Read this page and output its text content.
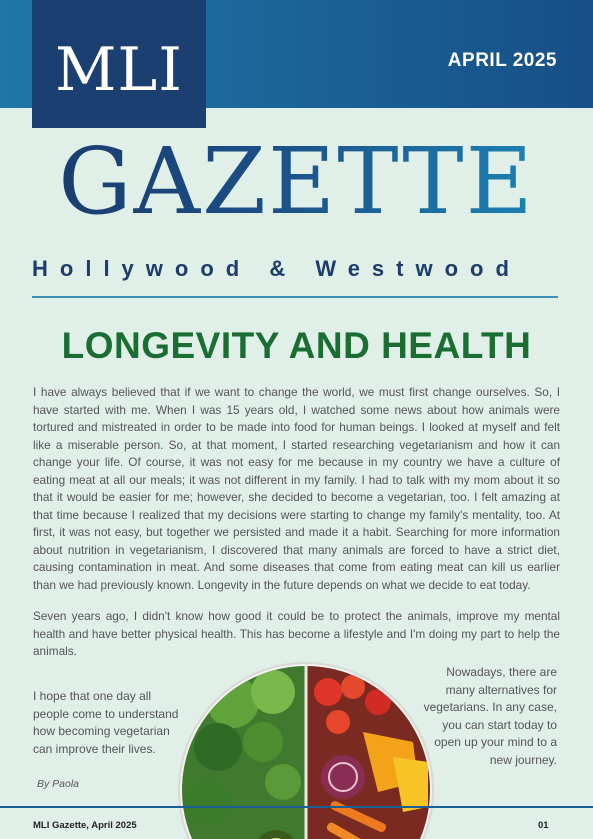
MLI	APRIL 2025
GAZETTE
Hollywood & Westwood
LONGEVITY AND HEALTH

I have always believed that if we want to change the world, we must first change ourselves. So, I have started with me. When I was 15 years old, I watched some news about how animals were tortured and mistreated in order to be made into food for human beings. I looked at myself and felt like a miserable person. So, at that moment, I started researching vegetarianism and how it can change your life. Of course, it was not easy for me because in my country we have a culture of eating meat at all our meals; it was not different in my family. I had to talk with my mom about it so that it would be easier for me; however, she decided to become a vegetarian, too. I felt amazing at that time because I realized that my decisions were starting to change my family's mentality, too. At first, it was not easy, but together we persisted and made it a habit. Searching for more information about nutrition in vegetarianism, I discovered that many animals are forced to have a strict diet, causing contamination in meat. And some diseases that come from eating meat can kill us earlier than we had previously known. Longevity in the future depends on what we decide to eat today.

Seven years ago, I didn't know how good it could be to protect the animals, improve my mental health and have better physical health. This has become a lifestyle and I'm doing my part to help the animals.

I hope that one day all people come to understand how becoming vegetarian can improve their lives.
Nowadays, there are many alternatives for vegetarians. In any case, you can start today to open up your mind to a new journey.
By Paola
MLI Gazette, April 2025	01
